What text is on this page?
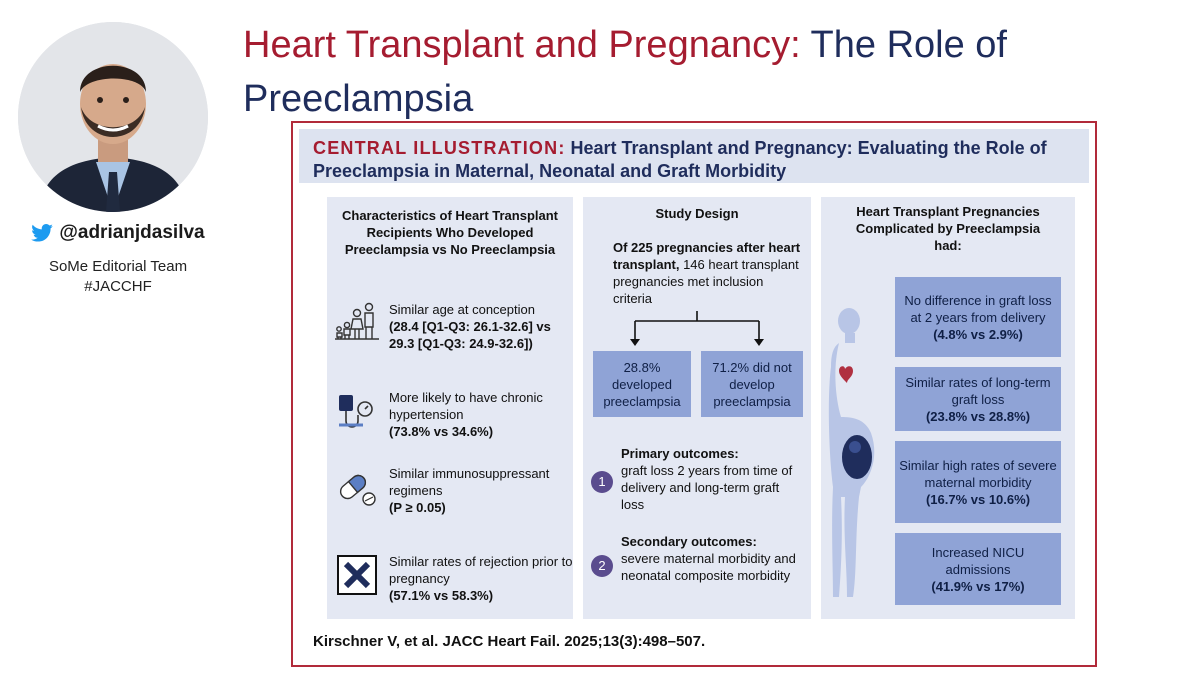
@adrianjdasilva
SoMe Editorial Team
#JACCHF
Heart Transplant and Pregnancy: The Role of Preeclampsia
CENTRAL ILLUSTRATION: Heart Transplant and Pregnancy: Evaluating the Role of Preeclampsia in Maternal, Neonatal and Graft Morbidity
Characteristics of Heart Transplant Recipients Who Developed Preeclampsia vs No Preeclampsia
Similar age at conception
(28.4 [Q1-Q3: 26.1-32.6] vs 29.3 [Q1-Q3: 24.9-32.6])
More likely to have chronic hypertension
(73.8% vs 34.6%)
Similar immunosuppressant regimens
(P ≥ 0.05)
Similar rates of rejection prior to pregnancy
(57.1% vs 58.3%)
Study Design
Of 225 pregnancies after heart transplant, 146 heart transplant pregnancies met inclusion criteria
28.8% developed preeclampsia
71.2% did not develop preeclampsia
1
Primary outcomes:
graft loss 2 years from time of delivery and long-term graft loss
2
Secondary outcomes:
severe maternal morbidity and neonatal composite morbidity
Heart Transplant Pregnancies Complicated by Preeclampsia had:
No difference in graft loss at 2 years from delivery
(4.8% vs 2.9%)
Similar rates of long-term graft loss
(23.8% vs 28.8%)
Similar high rates of severe maternal morbidity
(16.7% vs 10.6%)
Increased NICU admissions
(41.9% vs 17%)
Kirschner V, et al. JACC Heart Fail. 2025;13(3):498–507.
